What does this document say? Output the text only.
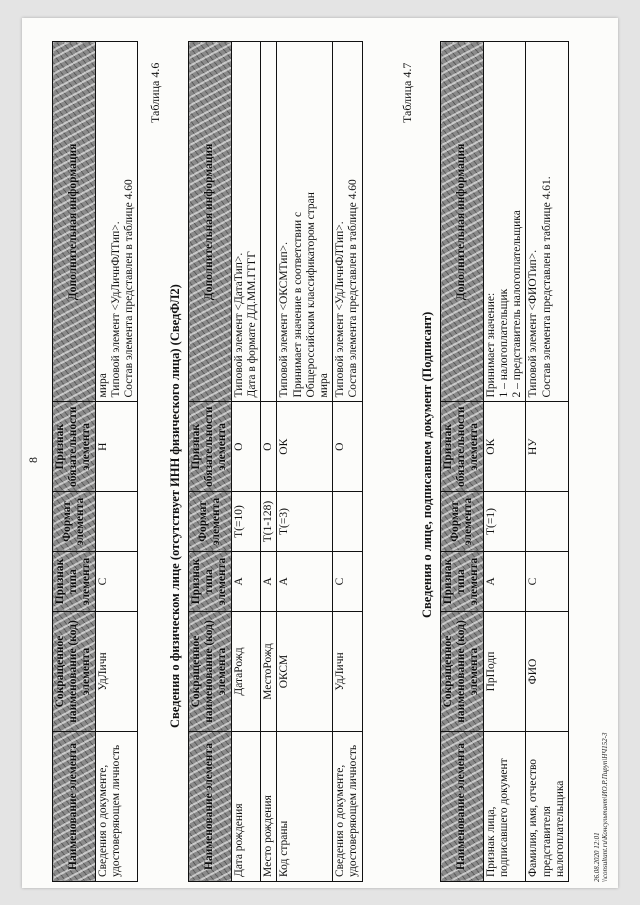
8
Наименование элемента	Сокращенное наименование (код) элемента	Признак типа элемента	Формат элемента	Признак обязательности элемента	Дополнительная информация
Сведения о документе, удостоверяющем личность	УдЛичн	С		Н	мира Типовой элемент <УдЛичнФЛТип>. Состав элемента представлен в таблице 4.60
Таблица 4.6
Сведения о физическом лице (отсутствует ИНН физического лица) (СведФЛ2)
Наименование элемента	Сокращенное наименование (код) элемента	Признак типа элемента	Формат элемента	Признак обязательности элемента	Дополнительная информация
Дата рождения	ДатаРожд	А	Т(=10)	О	Типовой элемент <ДатаТип>. Дата в формате ДД.ММ.ГГГГ

Место рождения	МестоРожд	А	Т(1-128)	О	

Код страны	ОКСМ	А	Т(=3)	ОК	Типовой элемент <ОКСМТип>. Принимает значение в соответствии с Общероссийским классификатором стран мира

Сведения о документе, удостоверяющем личность	УдЛичн	С		О	Типовой элемент <УдЛичнФЛТип>. Состав элемента представлен в таблице 4.60
Таблица 4.7
Сведения о лице, подписавшем документ (Подписант)
Наименование элемента	Сокращенное наименование (код) элемента	Признак типа элемента	Формат элемента	Признак обязательности элемента	Дополнительная информация
Признак лица, подписавшего документ	ПрПодп	А	Т(=1)	ОК	Принимает значение: 1 – налогоплательщик 2 – представитель налогоплательщика

Фамилия, имя, отчество представителя налогоплательщика	ФИО	С		НУ	Типовой элемент <ФИОТип>. Состав элемента представлен в таблице 4.61.
26.08.2020 12:01 \\consultant.ru\Консультант\ИО.Р.Пируп\НЧ152-3
